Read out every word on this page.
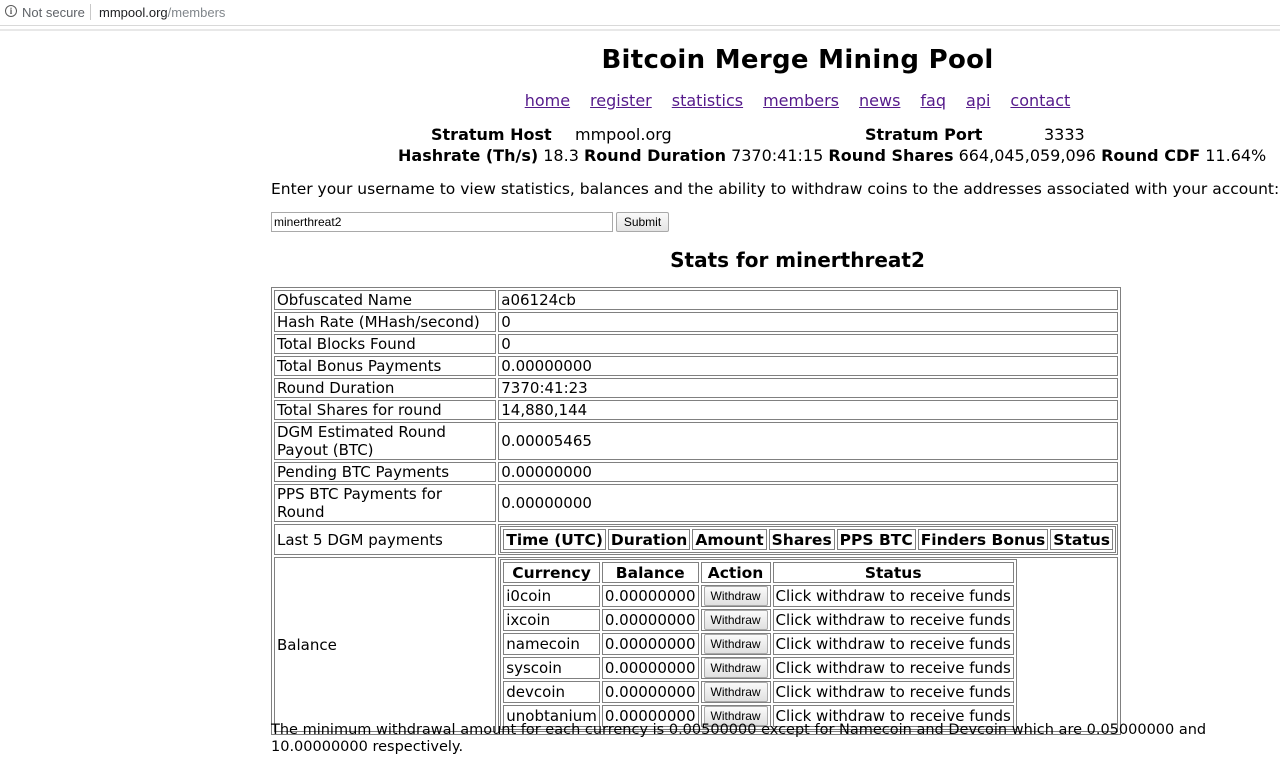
i Not secure mmpool.org/members
Bitcoin Merge Mining Pool
home register statistics members news faq api contact
Stratum Host mmpool.org	Stratum Port	3333
Hashrate (Th/s) 18.3 Round Duration 7370:41:15 Round Shares 664,045,059,096 Round CDF 11.64%
Enter your username to view statistics, balances and the ability to withdraw coins to the addresses associated with your account:
minerthreat2
Submit
Stats for minerthreat2
Obfuscated Name	a06124cb
Hash Rate (MHash/second)	0
Total Blocks Found	0
Total Bonus Payments	0.00000000
Round Duration	7370:41:23
Total Shares for round	14,880,144
DGM Estimated Round Payout (BTC)	0.00005465
Pending BTC Payments	0.00000000
PPS BTC Payments for Round	0.00000000
Last 5 DGM payments		Time (UTC)	Duration	Amount	Shares	PPS BTC	Finders Bonus	Status

Balance	
Currency	Balance	Action	Status
i0coin	0.00000000	Withdraw	Click withdraw to receive funds
ixcoin	0.00000000	Withdraw	Click withdraw to receive funds
namecoin	0.00000000	Withdraw	Click withdraw to receive funds
syscoin	0.00000000	Withdraw	Click withdraw to receive funds
devcoin	0.00000000	Withdraw	Click withdraw to receive funds
unobtanium	0.00000000	Withdraw	Click withdraw to receive funds
The minimum withdrawal amount for each currency is 0.00500000 except for Namecoin and Devcoin which are 0.05000000 and 10.00000000 respectively.
